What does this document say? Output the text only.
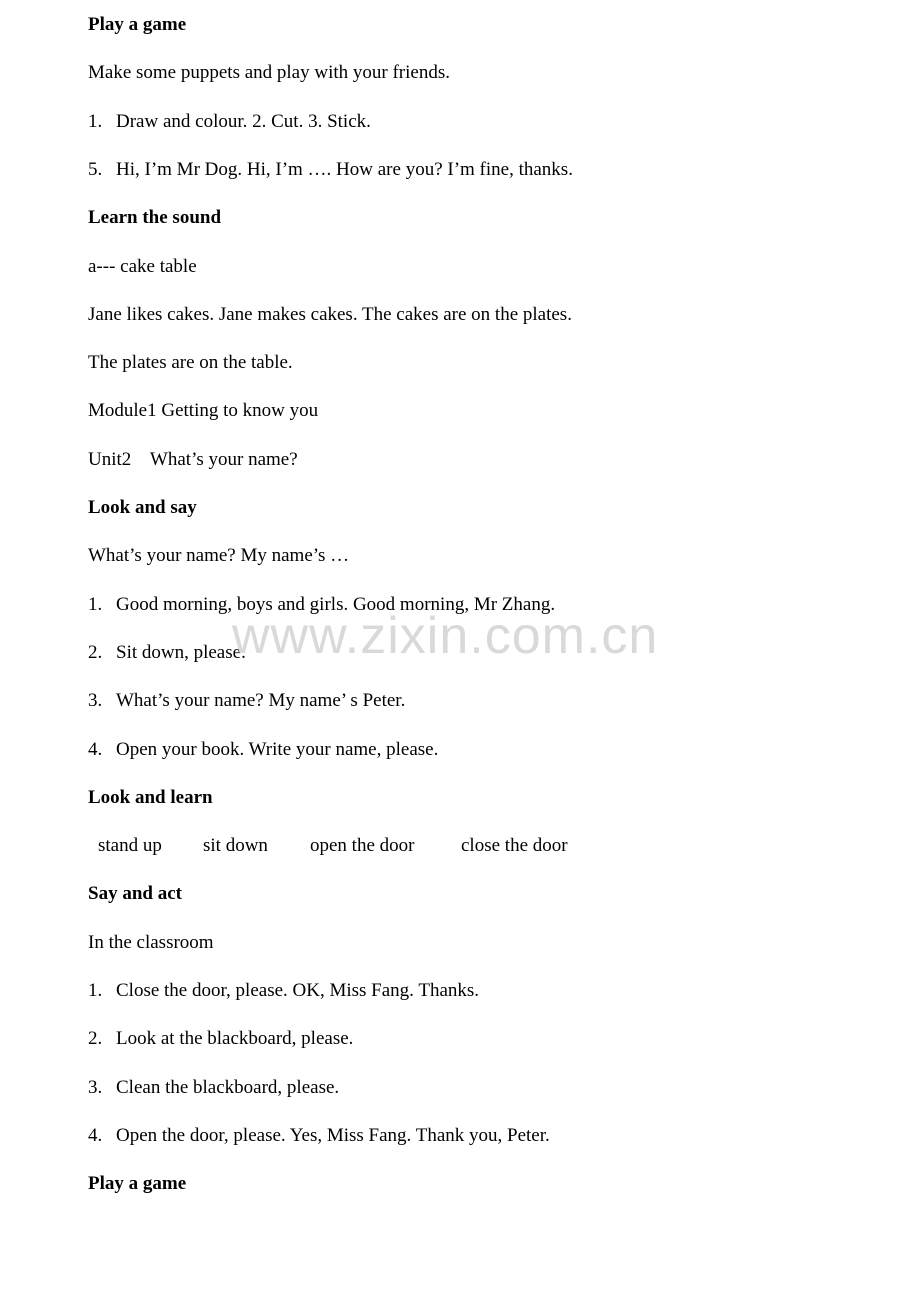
Play a game
Make some puppets and play with your friends.
1. Draw and colour. 2. Cut. 3. Stick.
5. Hi, I’m Mr Dog. Hi, I’m …. How are you? I’m fine, thanks.
Learn the sound
a--- cake table
Jane likes cakes. Jane makes cakes. The cakes are on the plates.
The plates are on the table.
Module1 Getting to know you
Unit2    What’s your name?
Look and say
What’s your name? My name’s …
1. Good morning, boys and girls. Good morning, Mr Zhang.
2. Sit down, please.
3. What’s your name? My name’ s Peter.
4. Open your book. Write your name, please.
Look and learn
stand up sit down open the door close the door
Say and act
In the classroom
1. Close the door, please. OK, Miss Fang. Thanks.
2. Look at the blackboard, please.
3. Clean the blackboard, please.
4. Open the door, please. Yes, Miss Fang. Thank you, Peter.
Play a game
www.zixin.com.cn
